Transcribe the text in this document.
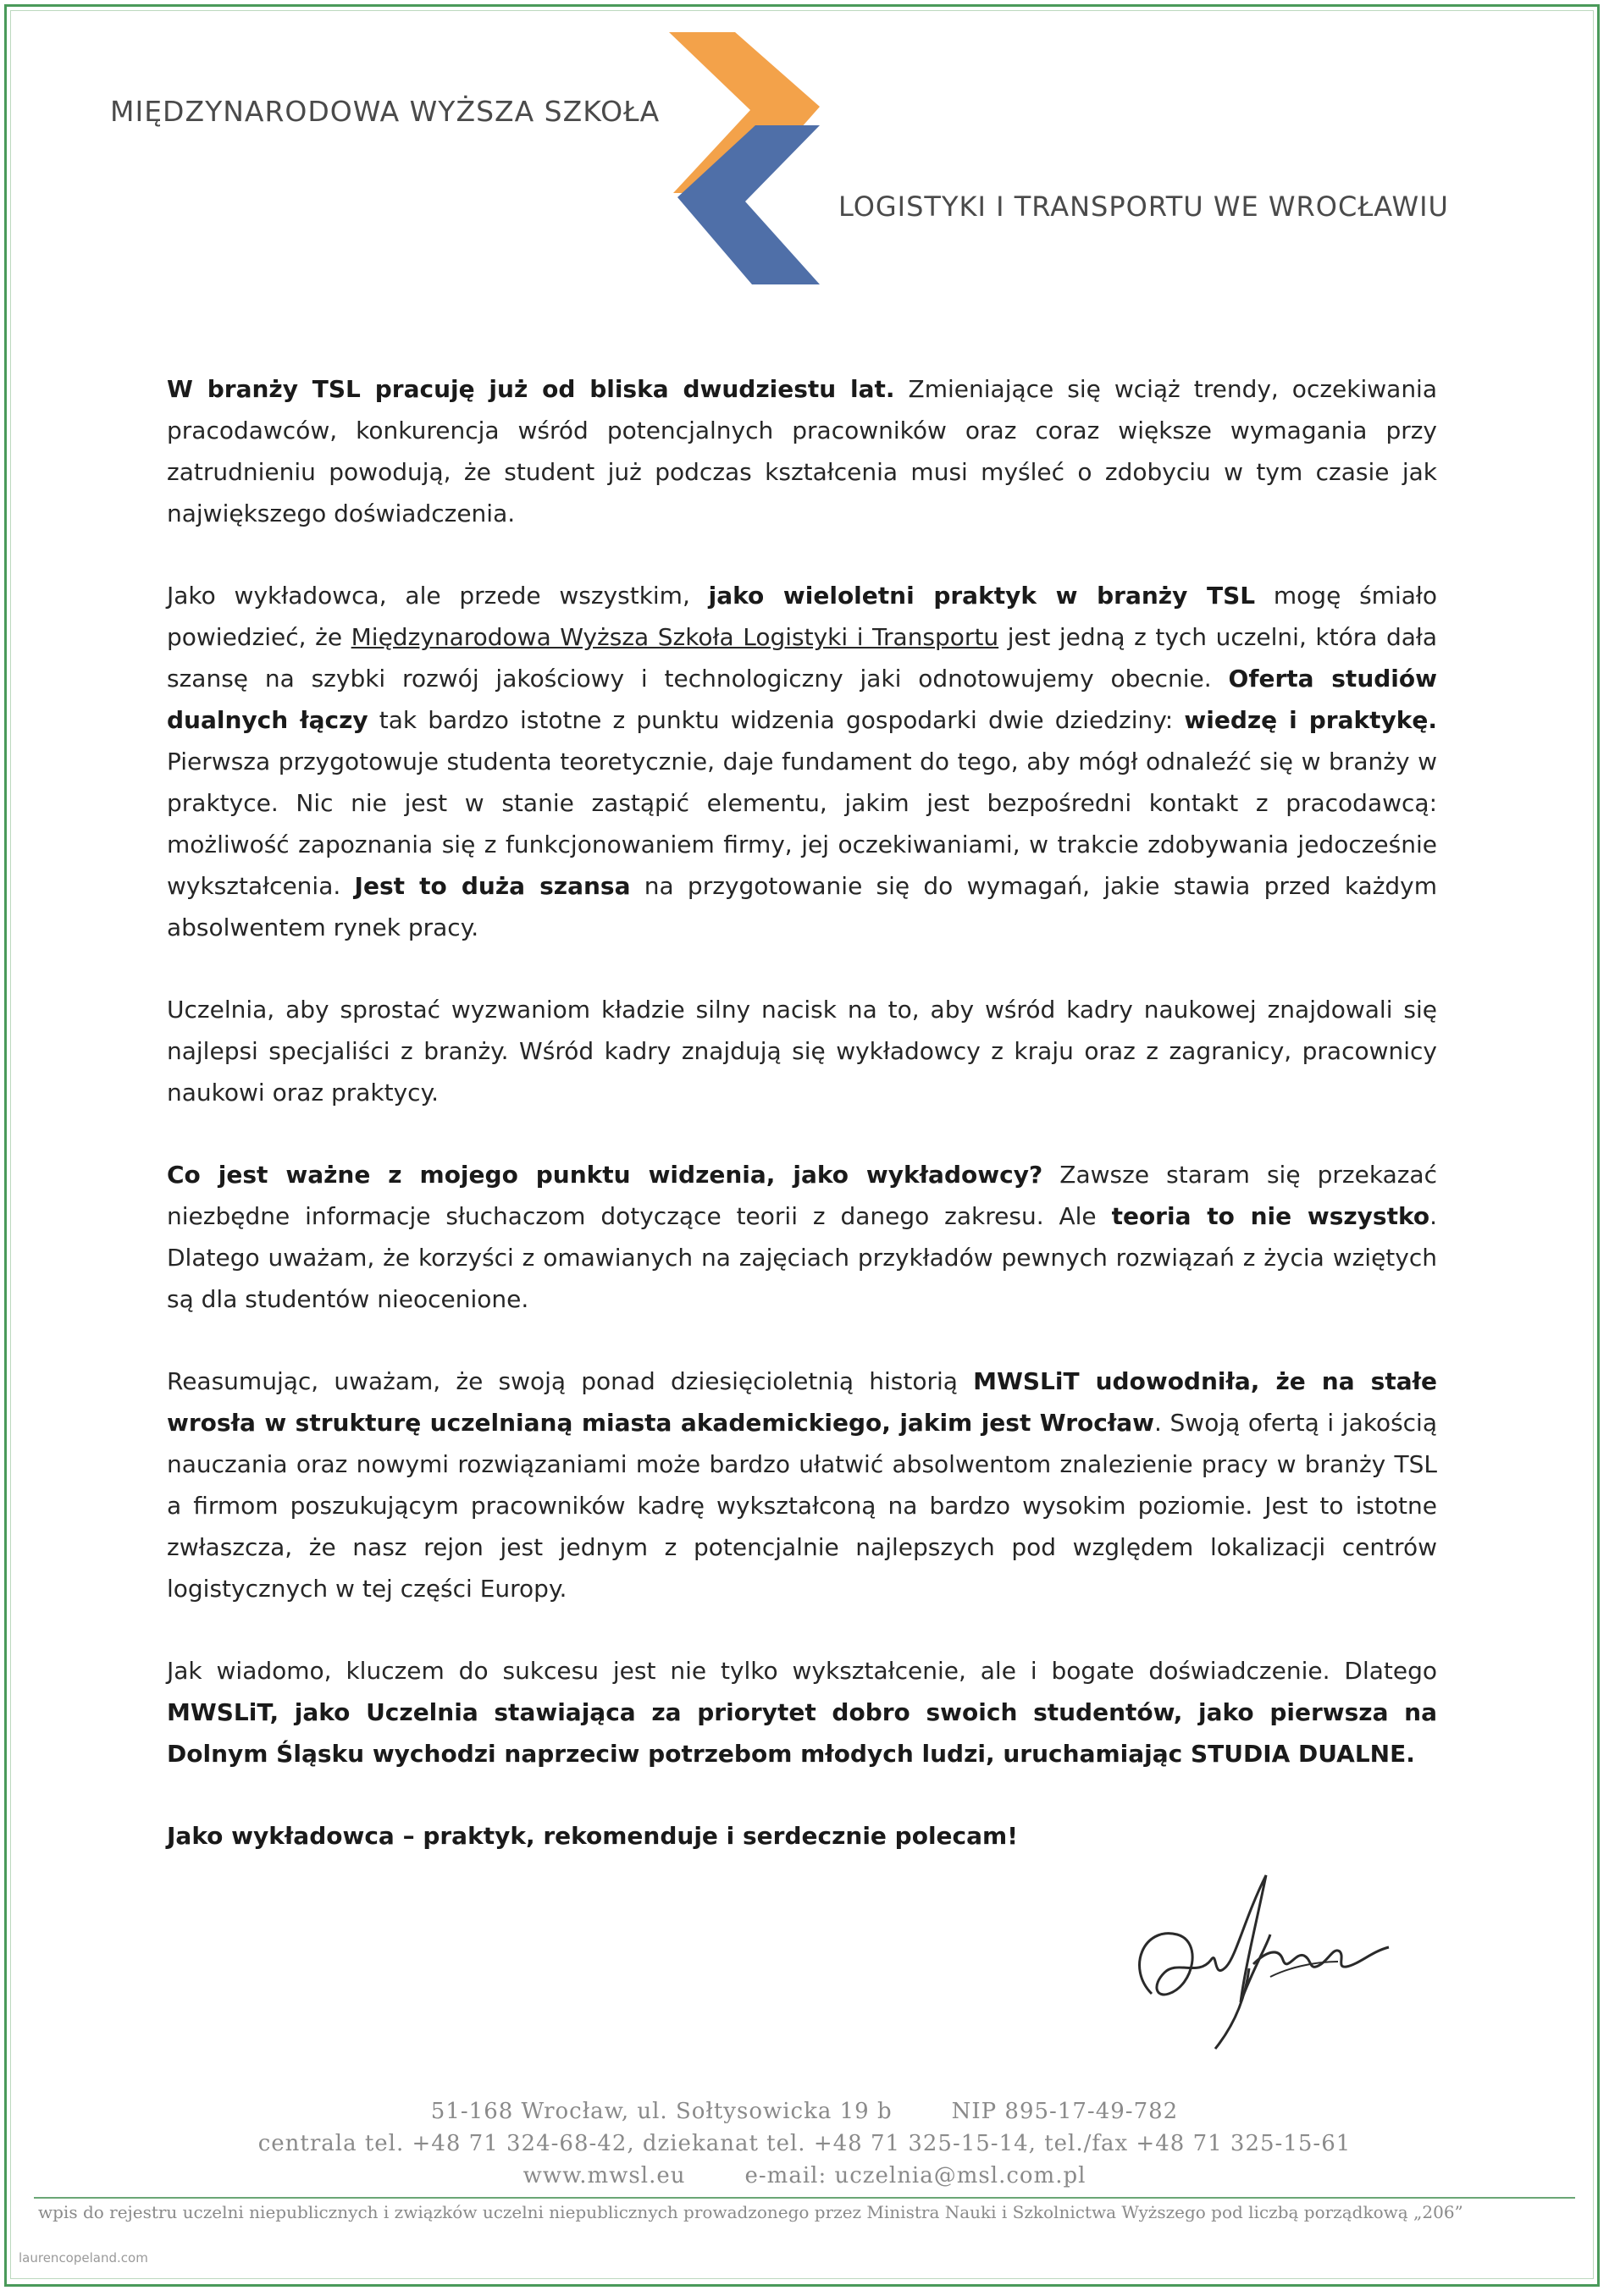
MIĘDZYNARODOWA WYŻSZA SZKOŁA
LOGISTYKI I TRANSPORTU WE WROCŁAWIU

W branży TSL pracuję już od bliska dwudziestu lat. Zmieniające się wciąż trendy, oczekiwania pracodawców, konkurencja wśród potencjalnych pracowników oraz coraz większe wymagania przy zatrudnieniu powodują, że student już podczas kształcenia musi myśleć o zdobyciu w tym czasie jak największego doświadczenia.

Jako wykładowca, ale przede wszystkim, jako wieloletni praktyk w branży TSL mogę śmiało powiedzieć, że Międzynarodowa Wyższa Szkoła Logistyki i Transportu jest jedną z tych uczelni, która dała szansę na szybki rozwój jakościowy i technologiczny jaki odnotowujemy obecnie. Oferta studiów dualnych łączy tak bardzo istotne z punktu widzenia gospodarki dwie dziedziny: wiedzę i praktykę. Pierwsza przygotowuje studenta teoretycznie, daje fundament do tego, aby mógł odnaleźć się w branży w praktyce. Nic nie jest w stanie zastąpić elementu, jakim jest bezpośredni kontakt z pracodawcą: możliwość zapoznania się z funkcjonowaniem firmy, jej oczekiwaniami, w trakcie zdobywania jedocześnie wykształcenia. Jest to duża szansa na przygotowanie się do wymagań, jakie stawia przed każdym absolwentem rynek pracy.

Uczelnia, aby sprostać wyzwaniom kładzie silny nacisk na to, aby wśród kadry naukowej znajdowali się najlepsi specjaliści z branży. Wśród kadry znajdują się wykładowcy z kraju oraz z zagranicy, pracownicy naukowi oraz praktycy.

Co jest ważne z mojego punktu widzenia, jako wykładowcy? Zawsze staram się przekazać niezbędne informacje słuchaczom dotyczące teorii z danego zakresu. Ale teoria to nie wszystko. Dlatego uważam, że korzyści z omawianych na zajęciach przykładów pewnych rozwiązań z życia wziętych są dla studentów nieocenione.

Reasumując, uważam, że swoją ponad dziesięcioletnią historią MWSLiT udowodniła, że na stałe wrosła w strukturę uczelnianą miasta akademickiego, jakim jest Wrocław. Swoją ofertą i jakością nauczania oraz nowymi rozwiązaniami może bardzo ułatwić absolwentom znalezienie pracy w branży TSL a firmom poszukującym pracowników kadrę wykształconą na bardzo wysokim poziomie. Jest to istotne zwłaszcza, że nasz rejon jest jednym z potencjalnie najlepszych pod względem lokalizacji centrów logistycznych w tej części Europy.

Jak wiadomo, kluczem do sukcesu jest nie tylko wykształcenie, ale i bogate doświadczenie. Dlatego MWSLiT, jako Uczelnia stawiająca za priorytet dobro swoich studentów, jako pierwsza na Dolnym Śląsku wychodzi naprzeciw potrzebom młodych ludzi, uruchamiając STUDIA DUALNE.

Jako wykładowca – praktyk, rekomenduje i serdecznie polecam!

51-168 Wrocław, ul. Sołtysowicka 19 b	NIP 895-17-49-782
centrala tel. +48 71 324-68-42, dziekanat tel. +48 71 325-15-14, tel./fax +48 71 325-15-61
www.mwsl.eu	e-mail: uczelnia@msl.com.pl
wpis do rejestru uczelni niepublicznych i związków uczelni niepublicznych prowadzonego przez Ministra Nauki i Szkolnictwa Wyższego pod liczbą porządkową „206”
laurencopeland.com
